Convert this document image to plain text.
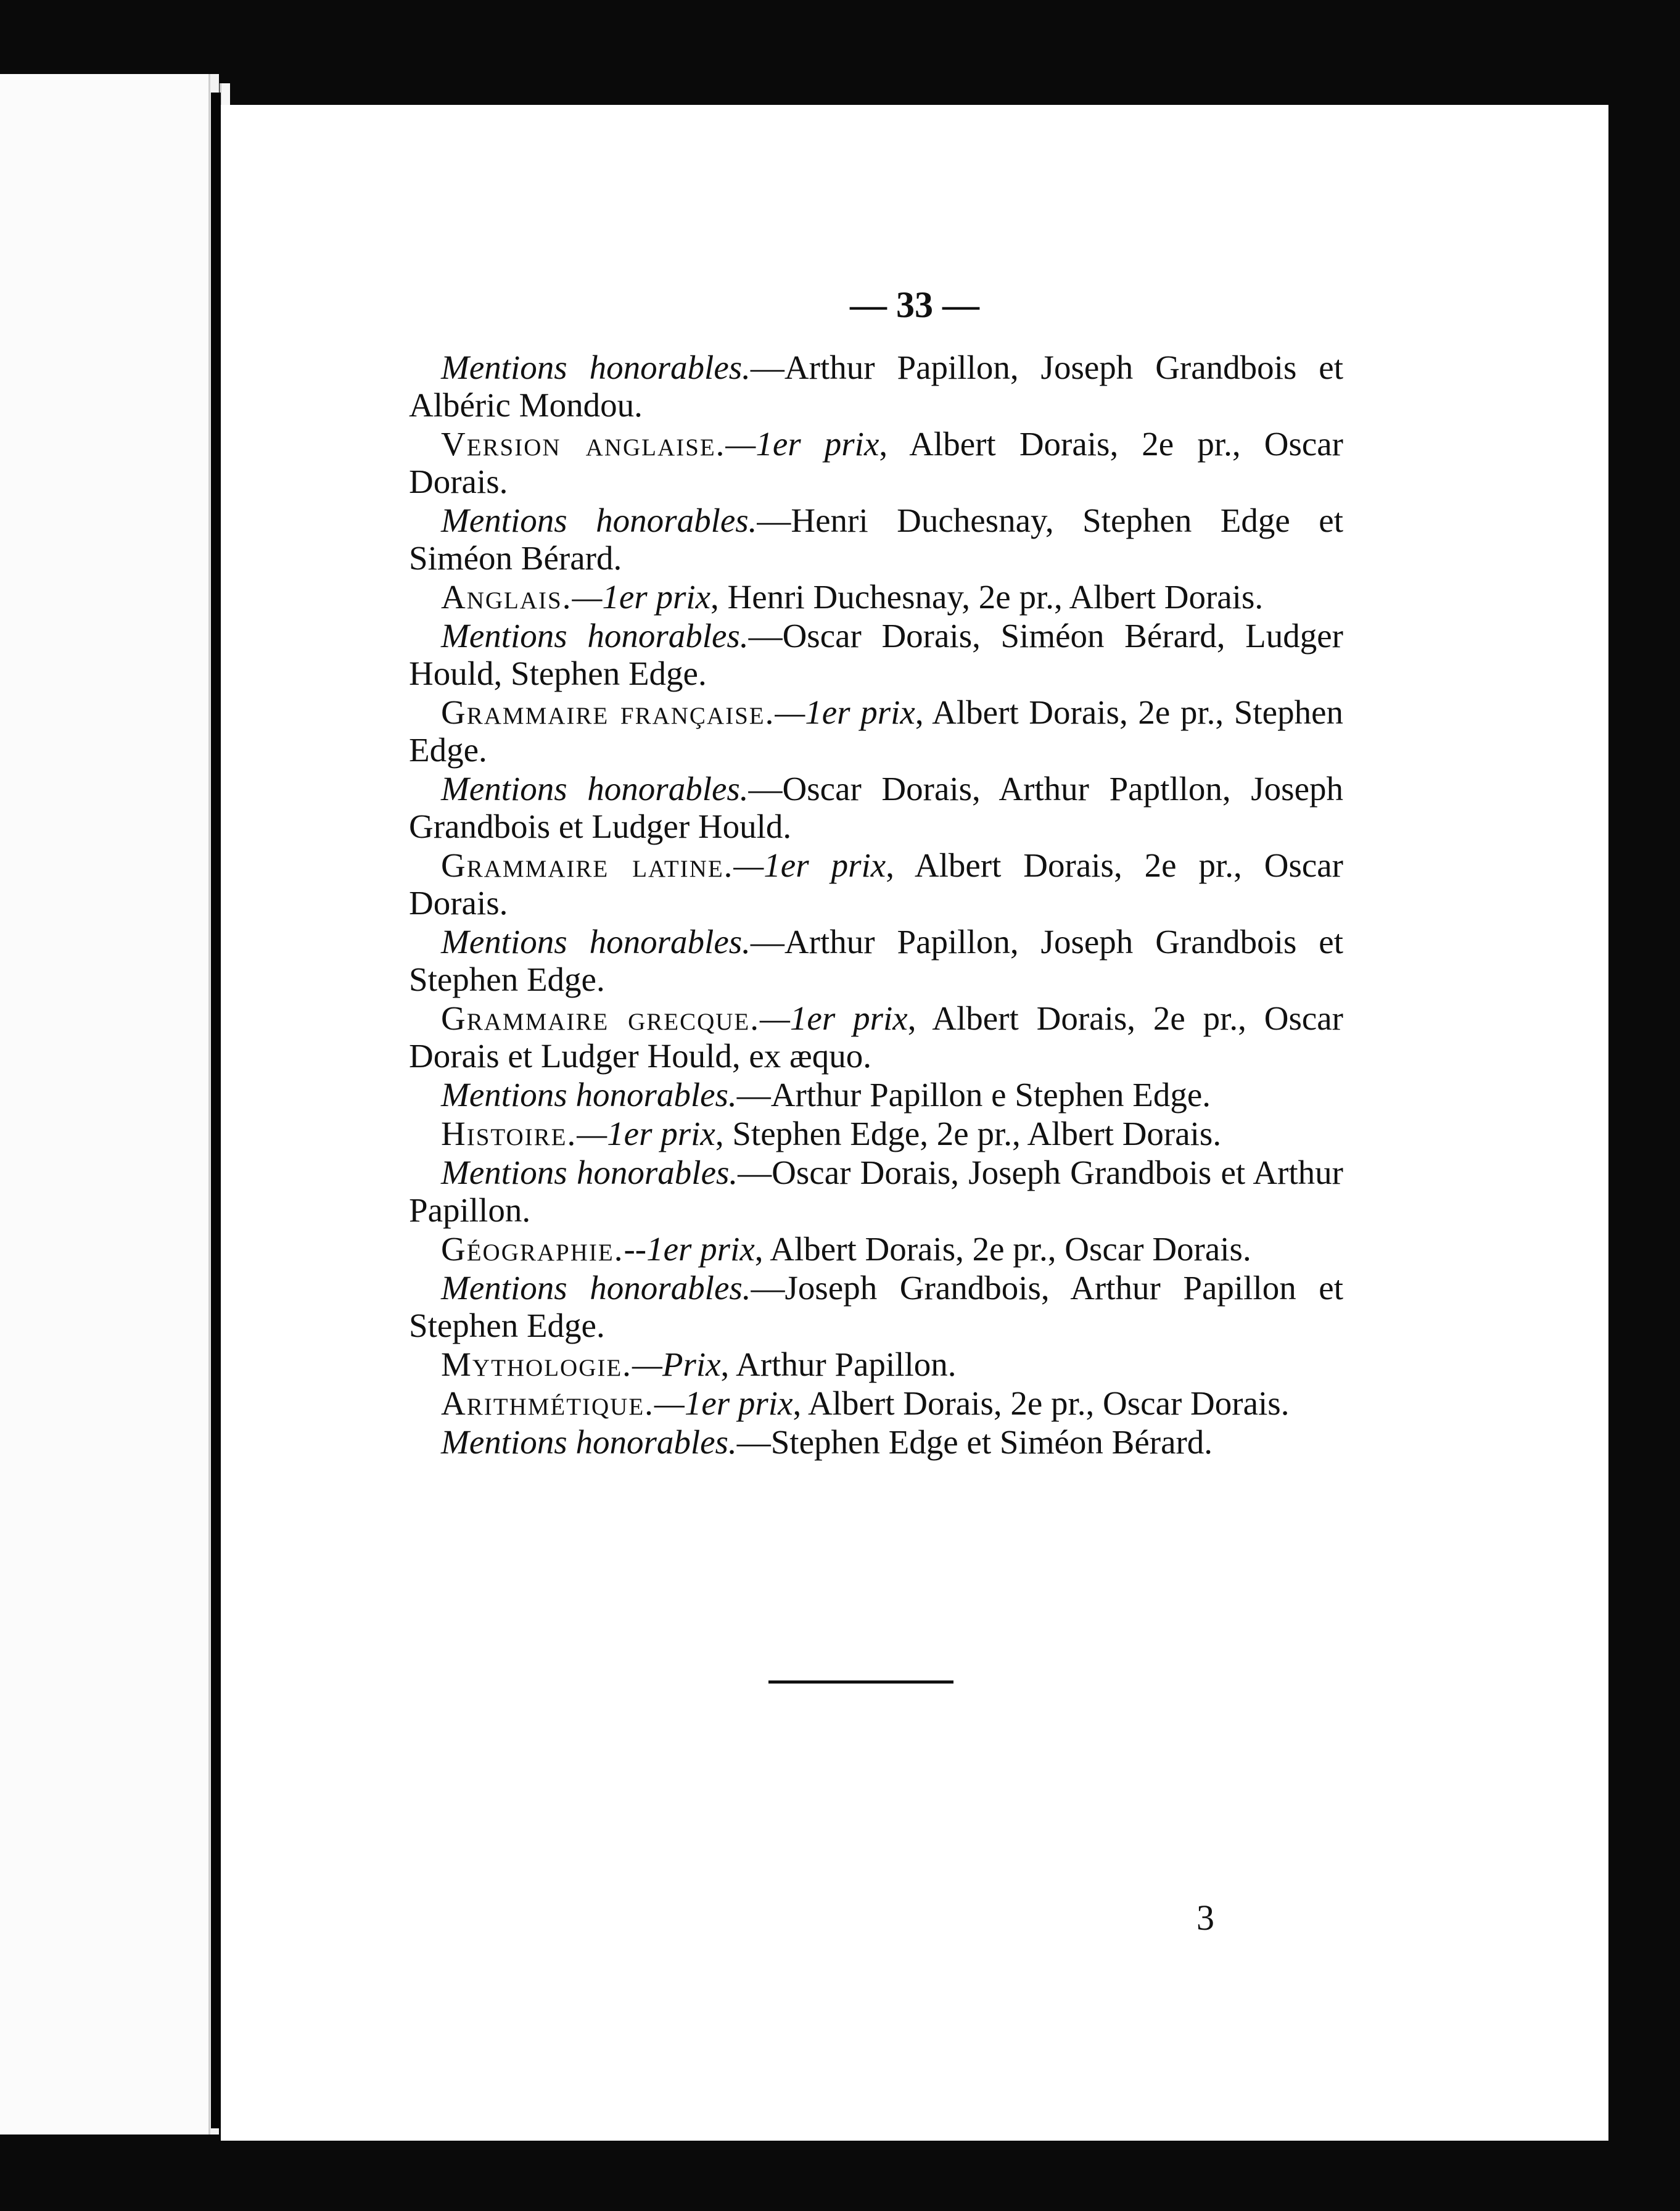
— 33 —

Mentions honorables.—Arthur Papillon, Joseph Grandbois et Albéric Mondou.

Version anglaise.—1er prix, Albert Dorais, 2e pr., Oscar Dorais.

Mentions honorables.—Henri Duchesnay, Stephen Edge et Siméon Bérard.

Anglais.—1er prix, Henri Duchesnay, 2e pr., Albert Dorais.

Mentions honorables.—Oscar Dorais, Siméon Bérard, Ludger Hould, Stephen Edge.

Grammaire française.—1er prix, Albert Dorais, 2e pr., Stephen Edge.

Mentions honorables.—Oscar Dorais, Arthur Paptllon, Joseph Grandbois et Ludger Hould.

Grammaire latine.—1er prix, Albert Dorais, 2e pr., Oscar Dorais.

Mentions honorables.—Arthur Papillon, Joseph Grandbois et Stephen Edge.

Grammaire grecque.—1er prix, Albert Dorais, 2e pr., Oscar Dorais et Ludger Hould, ex æquo.

Mentions honorables.—Arthur Papillon e Stephen Edge.

Histoire.—1er prix, Stephen Edge, 2e pr., Albert Dorais.

Mentions honorables.—Oscar Dorais, Joseph Grandbois et Arthur Papillon.

Géographie.--1er prix, Albert Dorais, 2e pr., Oscar Dorais.

Mentions honorables.—Joseph Grandbois, Arthur Papillon et Stephen Edge.

Mythologie.—Prix, Arthur Papillon.

Arithmétique.—1er prix, Albert Dorais, 2e pr., Oscar Dorais.

Mentions honorables.—Stephen Edge et Siméon Bérard.

3
